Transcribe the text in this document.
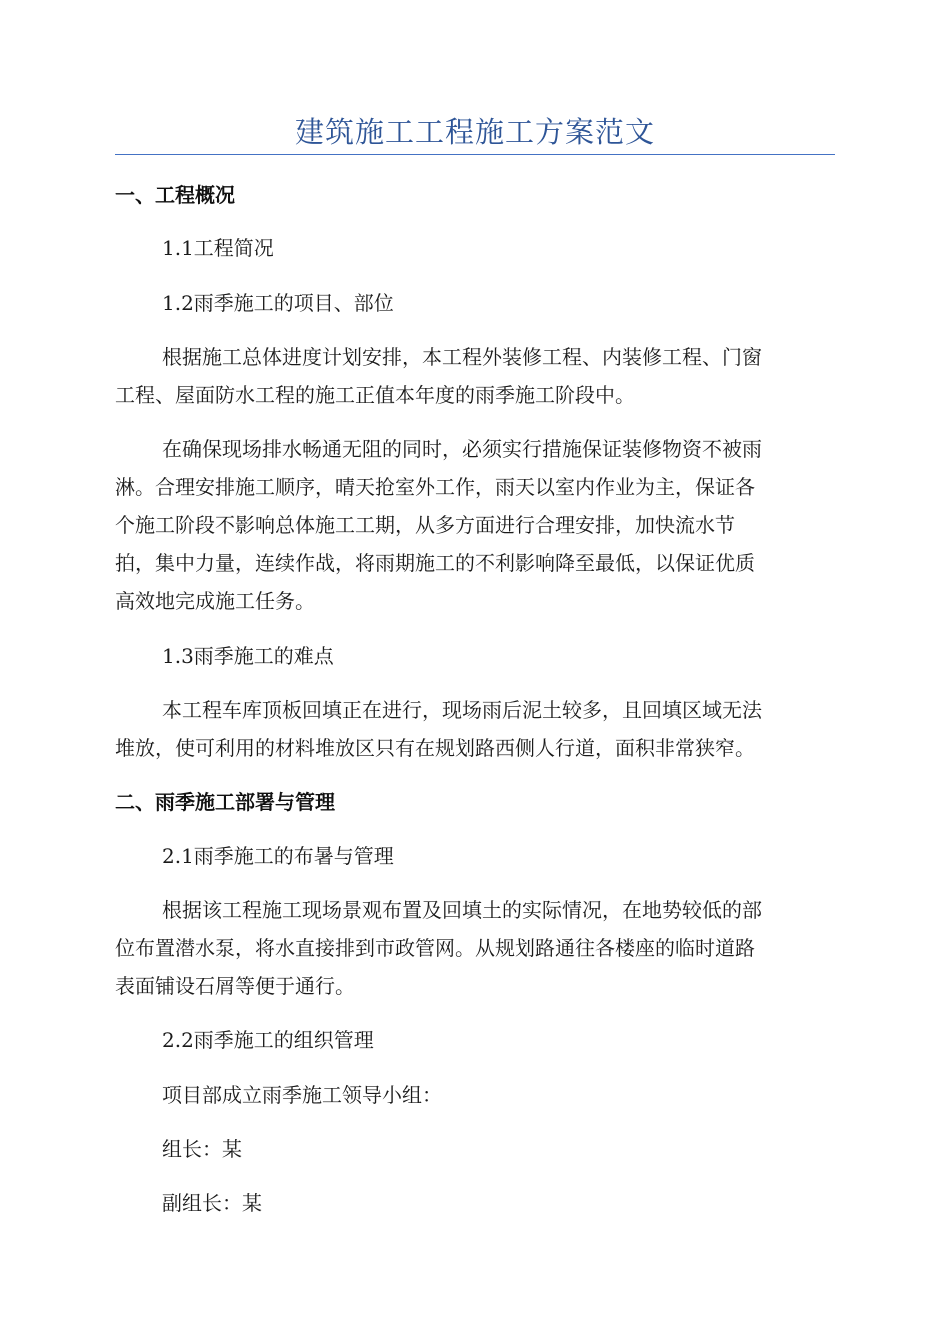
建筑施工工程施工方案范文
一、工程概况
1.1工程简况
1.2雨季施工的项目、部位
根据施工总体进度计划安排，本工程外装修工程、内装修工程、门窗
工程、屋面防水工程的施工正值本年度的雨季施工阶段中。
在确保现场排水畅通无阻的同时，必须实行措施保证装修物资不被雨
淋。合理安排施工顺序，晴天抢室外工作，雨天以室内作业为主，保证各
个施工阶段不影响总体施工工期，从多方面进行合理安排，加快流水节
拍，集中力量，连续作战，将雨期施工的不利影响降至最低，以保证优质
高效地完成施工任务。
1.3雨季施工的难点
本工程车库顶板回填正在进行，现场雨后泥土较多，且回填区域无法
堆放，使可利用的材料堆放区只有在规划路西侧人行道，面积非常狭窄。
二、雨季施工部署与管理
2.1雨季施工的布暑与管理
根据该工程施工现场景观布置及回填土的实际情况，在地势较低的部
位布置潜水泵，将水直接排到市政管网。从规划路通往各楼座的临时道路
表面铺设石屑等便于通行。
2.2雨季施工的组织管理
项目部成立雨季施工领导小组：
组长：某
副组长：某
